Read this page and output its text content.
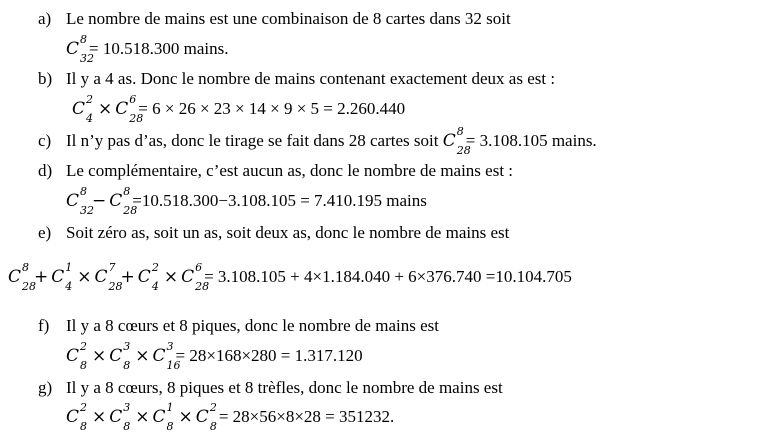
a) Le nombre de mains est une combinaison de 8 cartes dans 32 soit
C 8
32
= 10.518.300 mains.
b) Il y a 4 as. Donc le nombre de mains contenant exactement deux as est :
C 2
4 × C 6
28
= 6 × 26 × 23 × 14 × 9 × 5 = 2.260.440
c) Il n’y pas d’as, donc le tirage se fait dans 28 cartes soit C 8
28
= 3.108.105 mains.
d) Le complémentaire, c’est aucun as, donc le nombre de mains est :
C 8
32
− C 8
28
=10.518.300−3.108.105 = 7.410.195 mains
e) Soit zéro as, soit un as, soit deux as, donc le nombre de mains est
C 8
28
+ C 1
4 × C 7
28
+ C 2
4 × C 6
28
= 3.108.105 + 4×1.184.040 + 6×376.740 =10.104.705
f) Il y a 8 cœurs et 8 piques, donc le nombre de mains est
C 2
8 × C 3
8 × C 3
16
= 28×168×280 = 1.317.120
g) Il y a 8 cœurs, 8 piques et 8 trèfles, donc le nombre de mains est
C 2
8 × C 3
8 × C 1
8 × C 2
8
= 28×56×8×28 = 351232.
